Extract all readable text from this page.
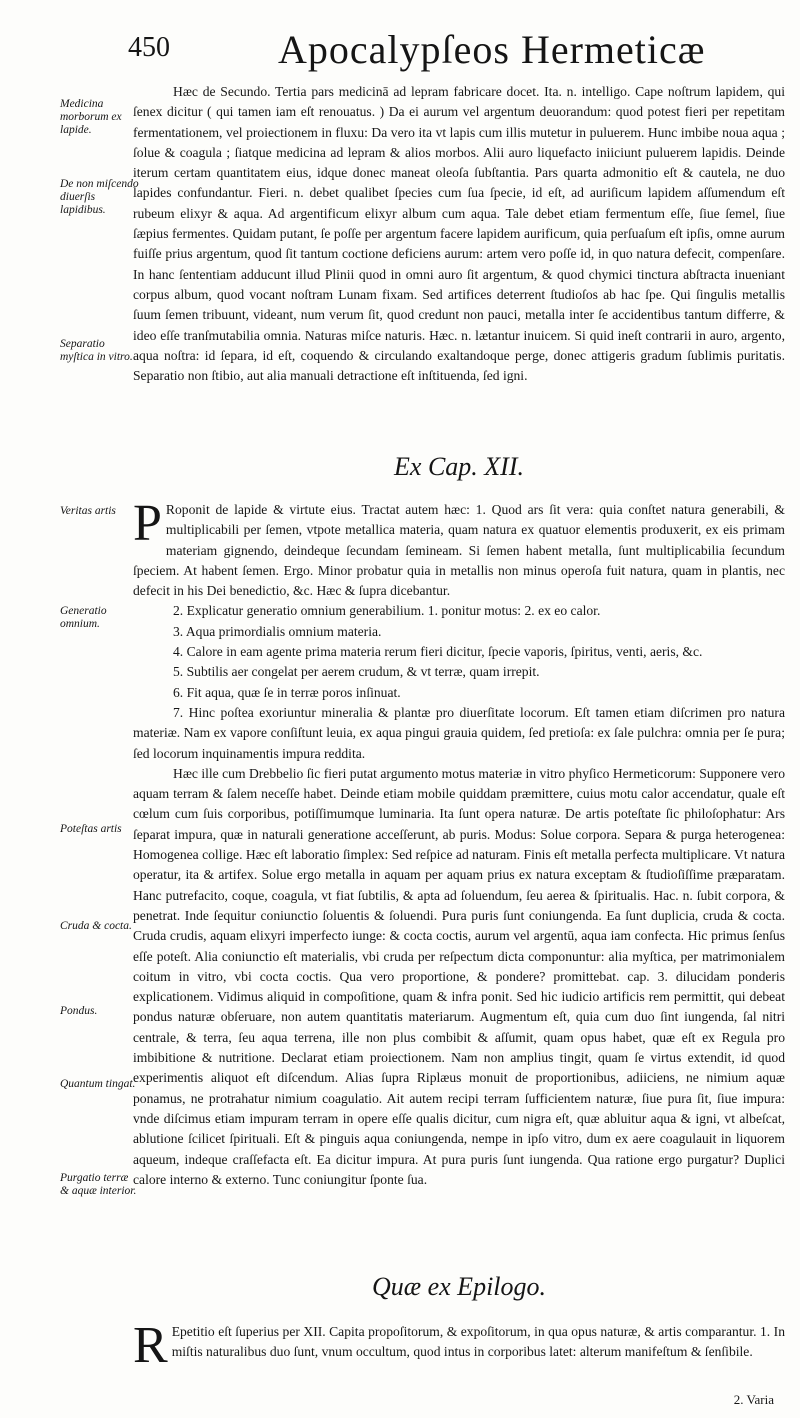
450	Apocalypſeos Hermeticæ
Medicina morborum ex lapide.
De non miſcendo diuerſis lapidibus.
Separatio myſtica in vitro.
Veritas artis
Generatio omnium.
Poteſtas artis
Cruda & cocta.
Pondus.
Quantum tingat.
Purgatio terræ & aquæ interior.

Hæc de Secundo. Tertia pars medicinā ad lepram fabricare docet. Ita. n. intelligo. Cape noſtrum lapidem, qui ſenex dicitur ( qui tamen iam eſt renouatus. ) Da ei aurum vel argentum deuorandum: quod potest fieri per repetitam fermentationem, vel proiectionem in fluxu: Da vero ita vt lapis cum illis mutetur in puluerem. Hunc imbibe noua aqua ; ſolue & coagula ; ſiatque medicina ad lepram & alios morbos. Alii auro liquefacto iniiciunt puluerem lapidis. Deinde iterum certam quantitatem eius, idque donec maneat oleoſa ſubſtantia. Pars quarta admonitio eſt & cautela, ne duo lapides confundantur. Fieri. n. debet qualibet ſpecies cum ſua ſpecie, id eſt, ad auriſicum lapidem aſſumendum eſt rubeum elixyr & aqua. Ad argentificum elixyr album cum aqua. Tale debet etiam fermentum eſſe, ſiue ſemel, ſiue ſæpius fermentes. Quidam putant, ſe poſſe per argentum facere lapidem aurificum, quia perſuaſum eſt ipſis, omne aurum fuiſſe prius argentum, quod ſit tantum coctione deficiens aurum: artem vero poſſe id, in quo natura defecit, compenſare. In hanc ſententiam adducunt illud Plinii quod in omni auro ſit argentum, & quod chymici tinctura abſtracta inueniant corpus album, quod vocant noſtram Lunam fixam. Sed artifices deterrent ſtudioſos ab hac ſpe. Qui ſingulis metallis ſuum ſemen tribuunt, videant, num verum ſit, quod credunt non pauci, metalla inter ſe accidentibus tantum differre, & ideo eſſe tranſmutabilia omnia. Naturas miſce naturis. Hæc. n. lætantur inuicem. Si quid ineſt contrarii in auro, argento, aqua noſtra: id ſepara, id eſt, coquendo & circulando exaltandoque perge, donec attigeris gradum ſublimis puritatis. Separatio non ſtibio, aut alia manuali detractione eſt inſtituenda, ſed igni.

Ex Cap. XII.
P Roponit de lapide & virtute eius. Tractat autem hæc: 1. Quod ars ſit vera: quia conſtet natura generabili, & multiplicabili per ſemen, vtpote metallica materia, quam natura ex quatuor elementis produxerit, ex eis primam materiam gignendo, deindeque ſecundam ſemineam. Si ſemen habent metalla, ſunt multiplicabilia ſecundum ſpeciem. At habent ſemen. Ergo. Minor probatur quia in metallis non minus operoſa fuit natura, quam in plantis, nec defecit in his Dei benedictio, &c. Hæc & ſupra dicebantur.

2. Explicatur generatio omnium generabilium. 1. ponitur motus: 2. ex eo calor.

3. Aqua primordialis omnium materia.

4. Calore in eam agente prima materia rerum fieri dicitur, ſpecie vaporis, ſpiritus, venti, aeris, &c.

5. Subtilis aer congelat per aerem crudum, & vt terræ, quam irrepit.

6. Fit aqua, quæ ſe in terræ poros inſinuat.

7. Hinc poſtea exoriuntur mineralia & plantæ pro diuerſitate locorum. Eſt tamen etiam diſcrimen pro natura materiæ. Nam ex vapore conſiſtunt leuia, ex aqua pingui grauia quidem, ſed pretioſa: ex ſale pulchra: omnia per ſe pura; ſed locorum inquinamentis impura reddita.

Hæc ille cum Drebbelio ſic fieri putat argumento motus materiæ in vitro phyſico Hermeticorum: Supponere vero aquam terram & ſalem neceſſe habet. Deinde etiam mobile quiddam præmittere, cuius motu calor accendatur, quale eſt cœlum cum ſuis corporibus, potiſſimumque luminaria. Ita ſunt opera naturæ. De artis poteſtate ſic philoſophatur: Ars ſeparat impura, quæ in naturali generatione acceſſerunt, ab puris. Modus: Solue corpora. Separa & purga heterogenea: Homogenea collige. Hæc eſt laboratio ſimplex: Sed reſpice ad naturam. Finis eſt metalla perfecta multiplicare. Vt natura operatur, ita & artifex. Solue ergo metalla in aquam per aquam prius ex natura exceptam & ſtudioſiſſime præparatam. Hanc putrefacito, coque, coagula, vt fiat ſubtilis, & apta ad ſoluendum, ſeu aerea & ſpiritualis. Hac. n. ſubit corpora, & penetrat. Inde ſequitur coniunctio ſoluentis & ſoluendi. Pura puris ſunt coniungenda. Ea ſunt duplicia, cruda & cocta. Cruda crudis, aquam elixyri imperfecto iunge: & cocta coctis, aurum vel argentū, aqua iam confecta. Hic primus ſenſus eſſe poteſt. Alia coniunctio eſt materialis, vbi cruda per reſpectum dicta componuntur: alia myſtica, per matrimonialem coitum in vitro, vbi cocta coctis. Qua vero proportione, & pondere? promittebat. cap. 3. dilucidam ponderis explicationem. Vidimus aliquid in compoſitione, quam & infra ponit. Sed hic iudicio artificis rem permittit, qui debeat pondus naturæ obſeruare, non autem quantitatis materiarum. Augmentum eſt, quia cum duo ſint iungenda, ſal nitri centrale, & terra, ſeu aqua terrena, ille non plus combibit & aſſumit, quam opus habet, quæ eſt ex Regula pro imbibitione & nutritione. Declarat etiam proiectionem. Nam non amplius tingit, quam ſe virtus extendit, id quod experimentis aliquot eſt diſcendum. Alias ſupra Riplæus monuit de proportionibus, adiiciens, ne nimium aquæ ponamus, ne protrahatur nimium coagulatio. Ait autem recipi terram ſufficientem naturæ, ſiue pura ſit, ſiue impura: vnde diſcimus etiam impuram terram in opere eſſe qualis dicitur, cum nigra eſt, quæ abluitur aqua & igni, vt albeſcat, ablutione ſcilicet ſpirituali. Eſt & pinguis aqua coniungenda, nempe in ipſo vitro, dum ex aere coagulauit in liquorem aqueum, indeque craſſefacta eſt. Ea dicitur impura. At pura puris ſunt iungenda. Qua ratione ergo purgatur? Duplici calore interno & externo. Tunc coniungitur ſponte ſua.

Quæ ex Epilogo.
R Epetitio eſt ſuperius per XII. Capita propoſitorum, & expoſitorum, in qua opus naturæ, & artis comparantur. 1. In miſtis naturalibus duo ſunt, vnum occultum, quod intus in corporibus latet: alterum manifeſtum & ſenſibile.

2. Varia
